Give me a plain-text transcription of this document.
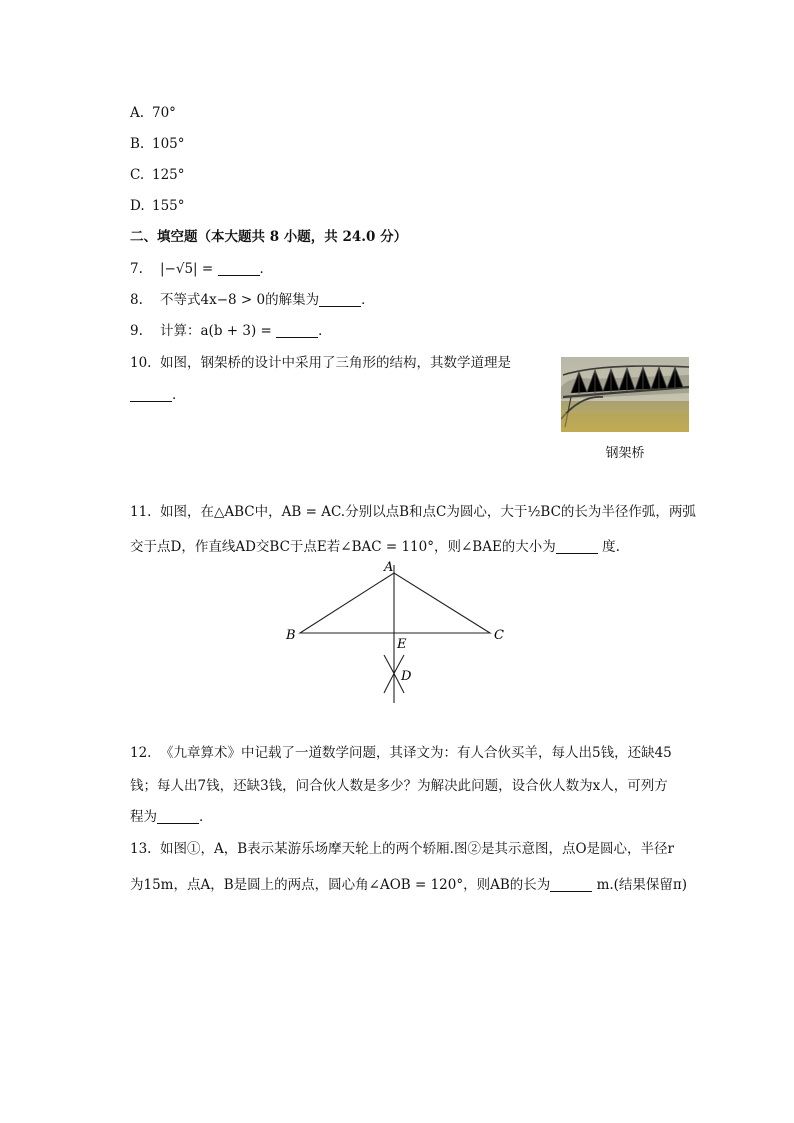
A. 70°
B. 105°
C. 125°
D. 155°
二、填空题（本大题共 8 小题，共 24.0 分）
7. |−√5| =	．
8. 不等式4x−8 > 0的解集为	．
9. 计算：a(b + 3) =	．
10. 如图，钢架桥的设计中采用了三角形的结构，其数学道理是
．
钢架桥
11. 如图，在△ABC中，AB = AC.分别以点B和点C为圆心，大于½BC的长为半径作弧，两弧
交于点D，作直线AD交BC于点E若∠BAC = 110°，则∠BAE的大小为	度.
A
B	C
E
D
12. 《九章算术》中记载了一道数学问题，其译文为：有人合伙买羊，每人出5钱，还缺45
钱；每人出7钱，还缺3钱，问合伙人数是多少？为解决此问题，设合伙人数为x人，可列方
程为	．
13. 如图①，A，B表示某游乐场摩天轮上的两个轿厢.图②是其示意图，点O是圆心，半径r
为15m，点A，B是圆上的两点，圆心角∠AOB = 120°，则AB的长为	m.(结果保留π)
